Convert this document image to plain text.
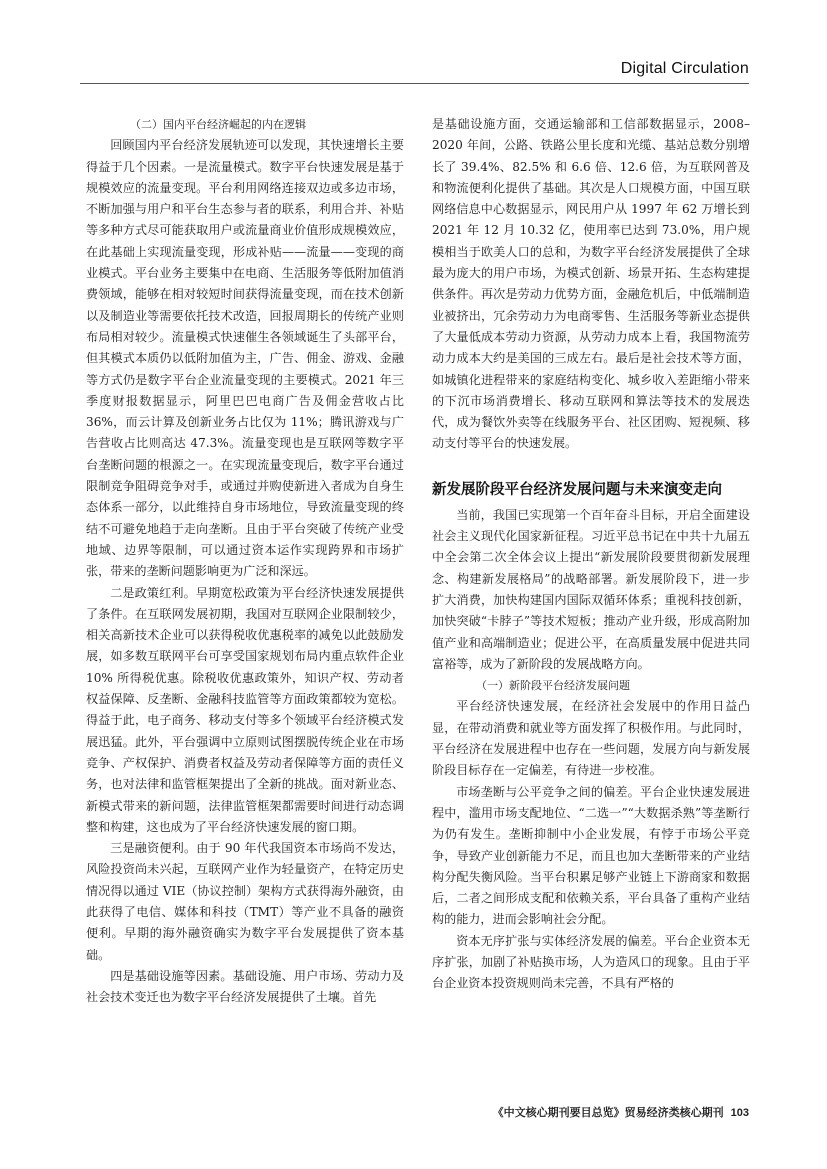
Digital Circulation

（二）国内平台经济崛起的内在逻辑

回顾国内平台经济发展轨迹可以发现，其快速增长主要得益于几个因素。一是流量模式。数字平台快速发展是基于规模效应的流量变现。平台利用网络连接双边或多边市场，不断加强与用户和平台生态参与者的联系，利用合并、补贴等多种方式尽可能获取用户或流量商业价值形成规模效应，在此基础上实现流量变现，形成补贴——流量——变现的商业模式。平台业务主要集中在电商、生活服务等低附加值消费领域，能够在相对较短时间获得流量变现，而在技术创新以及制造业等需要依托技术改造，回报周期长的传统产业则布局相对较少。流量模式快速催生各领域诞生了头部平台，但其模式本质仍以低附加值为主，广告、佣金、游戏、金融等方式仍是数字平台企业流量变现的主要模式。2021 年三季度财报数据显示，阿里巴巴电商广告及佣金营收占比 36%，而云计算及创新业务占比仅为 11%；腾讯游戏与广告营收占比则高达 47.3%。流量变现也是互联网等数字平台垄断问题的根源之一。在实现流量变现后，数字平台通过限制竞争阻碍竞争对手，或通过并购使新进入者成为自身生态体系一部分，以此维持自身市场地位，导致流量变现的终结不可避免地趋于走向垄断。且由于平台突破了传统产业受地域、边界等限制，可以通过资本运作实现跨界和市场扩张，带来的垄断问题影响更为广泛和深远。

二是政策红利。早期宽松政策为平台经济快速发展提供了条件。在互联网发展初期，我国对互联网企业限制较少，相关高新技术企业可以获得税收优惠税率的减免以此鼓励发展，如多数互联网平台可享受国家规划布局内重点软件企业 10% 所得税优惠。除税收优惠政策外，知识产权、劳动者权益保障、反垄断、金融科技监管等方面政策都较为宽松。得益于此，电子商务、移动支付等多个领域平台经济模式发展迅猛。此外，平台强调中立原则试图摆脱传统企业在市场竞争、产权保护、消费者权益及劳动者保障等方面的责任义务，也对法律和监管框架提出了全新的挑战。面对新业态、新模式带来的新问题，法律监管框架都需要时间进行动态调整和构建，这也成为了平台经济快速发展的窗口期。

三是融资便利。由于 90 年代我国资本市场尚不发达，风险投资尚未兴起，互联网产业作为轻量资产，在特定历史情况得以通过 VIE（协议控制）架构方式获得海外融资，由此获得了电信、媒体和科技（TMT）等产业不具备的融资便利。早期的海外融资确实为数字平台发展提供了资本基础。

四是基础设施等因素。基础设施、用户市场、劳动力及社会技术变迁也为数字平台经济发展提供了土壤。首先

是基础设施方面，交通运输部和工信部数据显示，2008–2020 年间，公路、铁路公里长度和光缆、基站总数分别增长了 39.4%、82.5% 和 6.6 倍、12.6 倍，为互联网普及和物流便利化提供了基础。其次是人口规模方面，中国互联网络信息中心数据显示，网民用户从 1997 年 62 万增长到 2021 年 12 月 10.32 亿，使用率已达到 73.0%，用户规模相当于欧美人口的总和，为数字平台经济发展提供了全球最为庞大的用户市场，为模式创新、场景开拓、生态构建提供条件。再次是劳动力优势方面，金融危机后，中低端制造业被挤出，冗余劳动力为电商零售、生活服务等新业态提供了大量低成本劳动力资源，从劳动力成本上看，我国物流劳动力成本大约是美国的三成左右。最后是社会技术等方面，如城镇化进程带来的家庭结构变化、城乡收入差距缩小带来的下沉市场消费增长、移动互联网和算法等技术的发展迭代，成为餐饮外卖等在线服务平台、社区团购、短视频、移动支付等平台的快速发展。

新发展阶段平台经济发展问题与未来演变走向

当前，我国已实现第一个百年奋斗目标，开启全面建设社会主义现代化国家新征程。习近平总书记在中共十九届五中全会第二次全体会议上提出“新发展阶段要贯彻新发展理念、构建新发展格局”的战略部署。新发展阶段下，进一步扩大消费，加快构建国内国际双循环体系；重视科技创新，加快突破“卡脖子”等技术短板；推动产业升级，形成高附加值产业和高端制造业；促进公平，在高质量发展中促进共同富裕等，成为了新阶段的发展战略方向。

（一）新阶段平台经济发展问题

平台经济快速发展，在经济社会发展中的作用日益凸显，在带动消费和就业等方面发挥了积极作用。与此同时，平台经济在发展进程中也存在一些问题，发展方向与新发展阶段目标存在一定偏差，有待进一步校准。

市场垄断与公平竞争之间的偏差。平台企业快速发展进程中，滥用市场支配地位、“二选一”“大数据杀熟”等垄断行为仍有发生。垄断抑制中小企业发展，有悖于市场公平竞争，导致产业创新能力不足，而且也加大垄断带来的产业结构分配失衡风险。当平台积累足够产业链上下游商家和数据后，二者之间形成支配和依赖关系，平台具备了重构产业结构的能力，进而会影响社会分配。

资本无序扩张与实体经济发展的偏差。平台企业资本无序扩张，加剧了补贴换市场，人为造风口的现象。且由于平台企业资本投资规则尚未完善，不具有严格的

《中文核心期刊要目总览》贸易经济类核心期刊 103
